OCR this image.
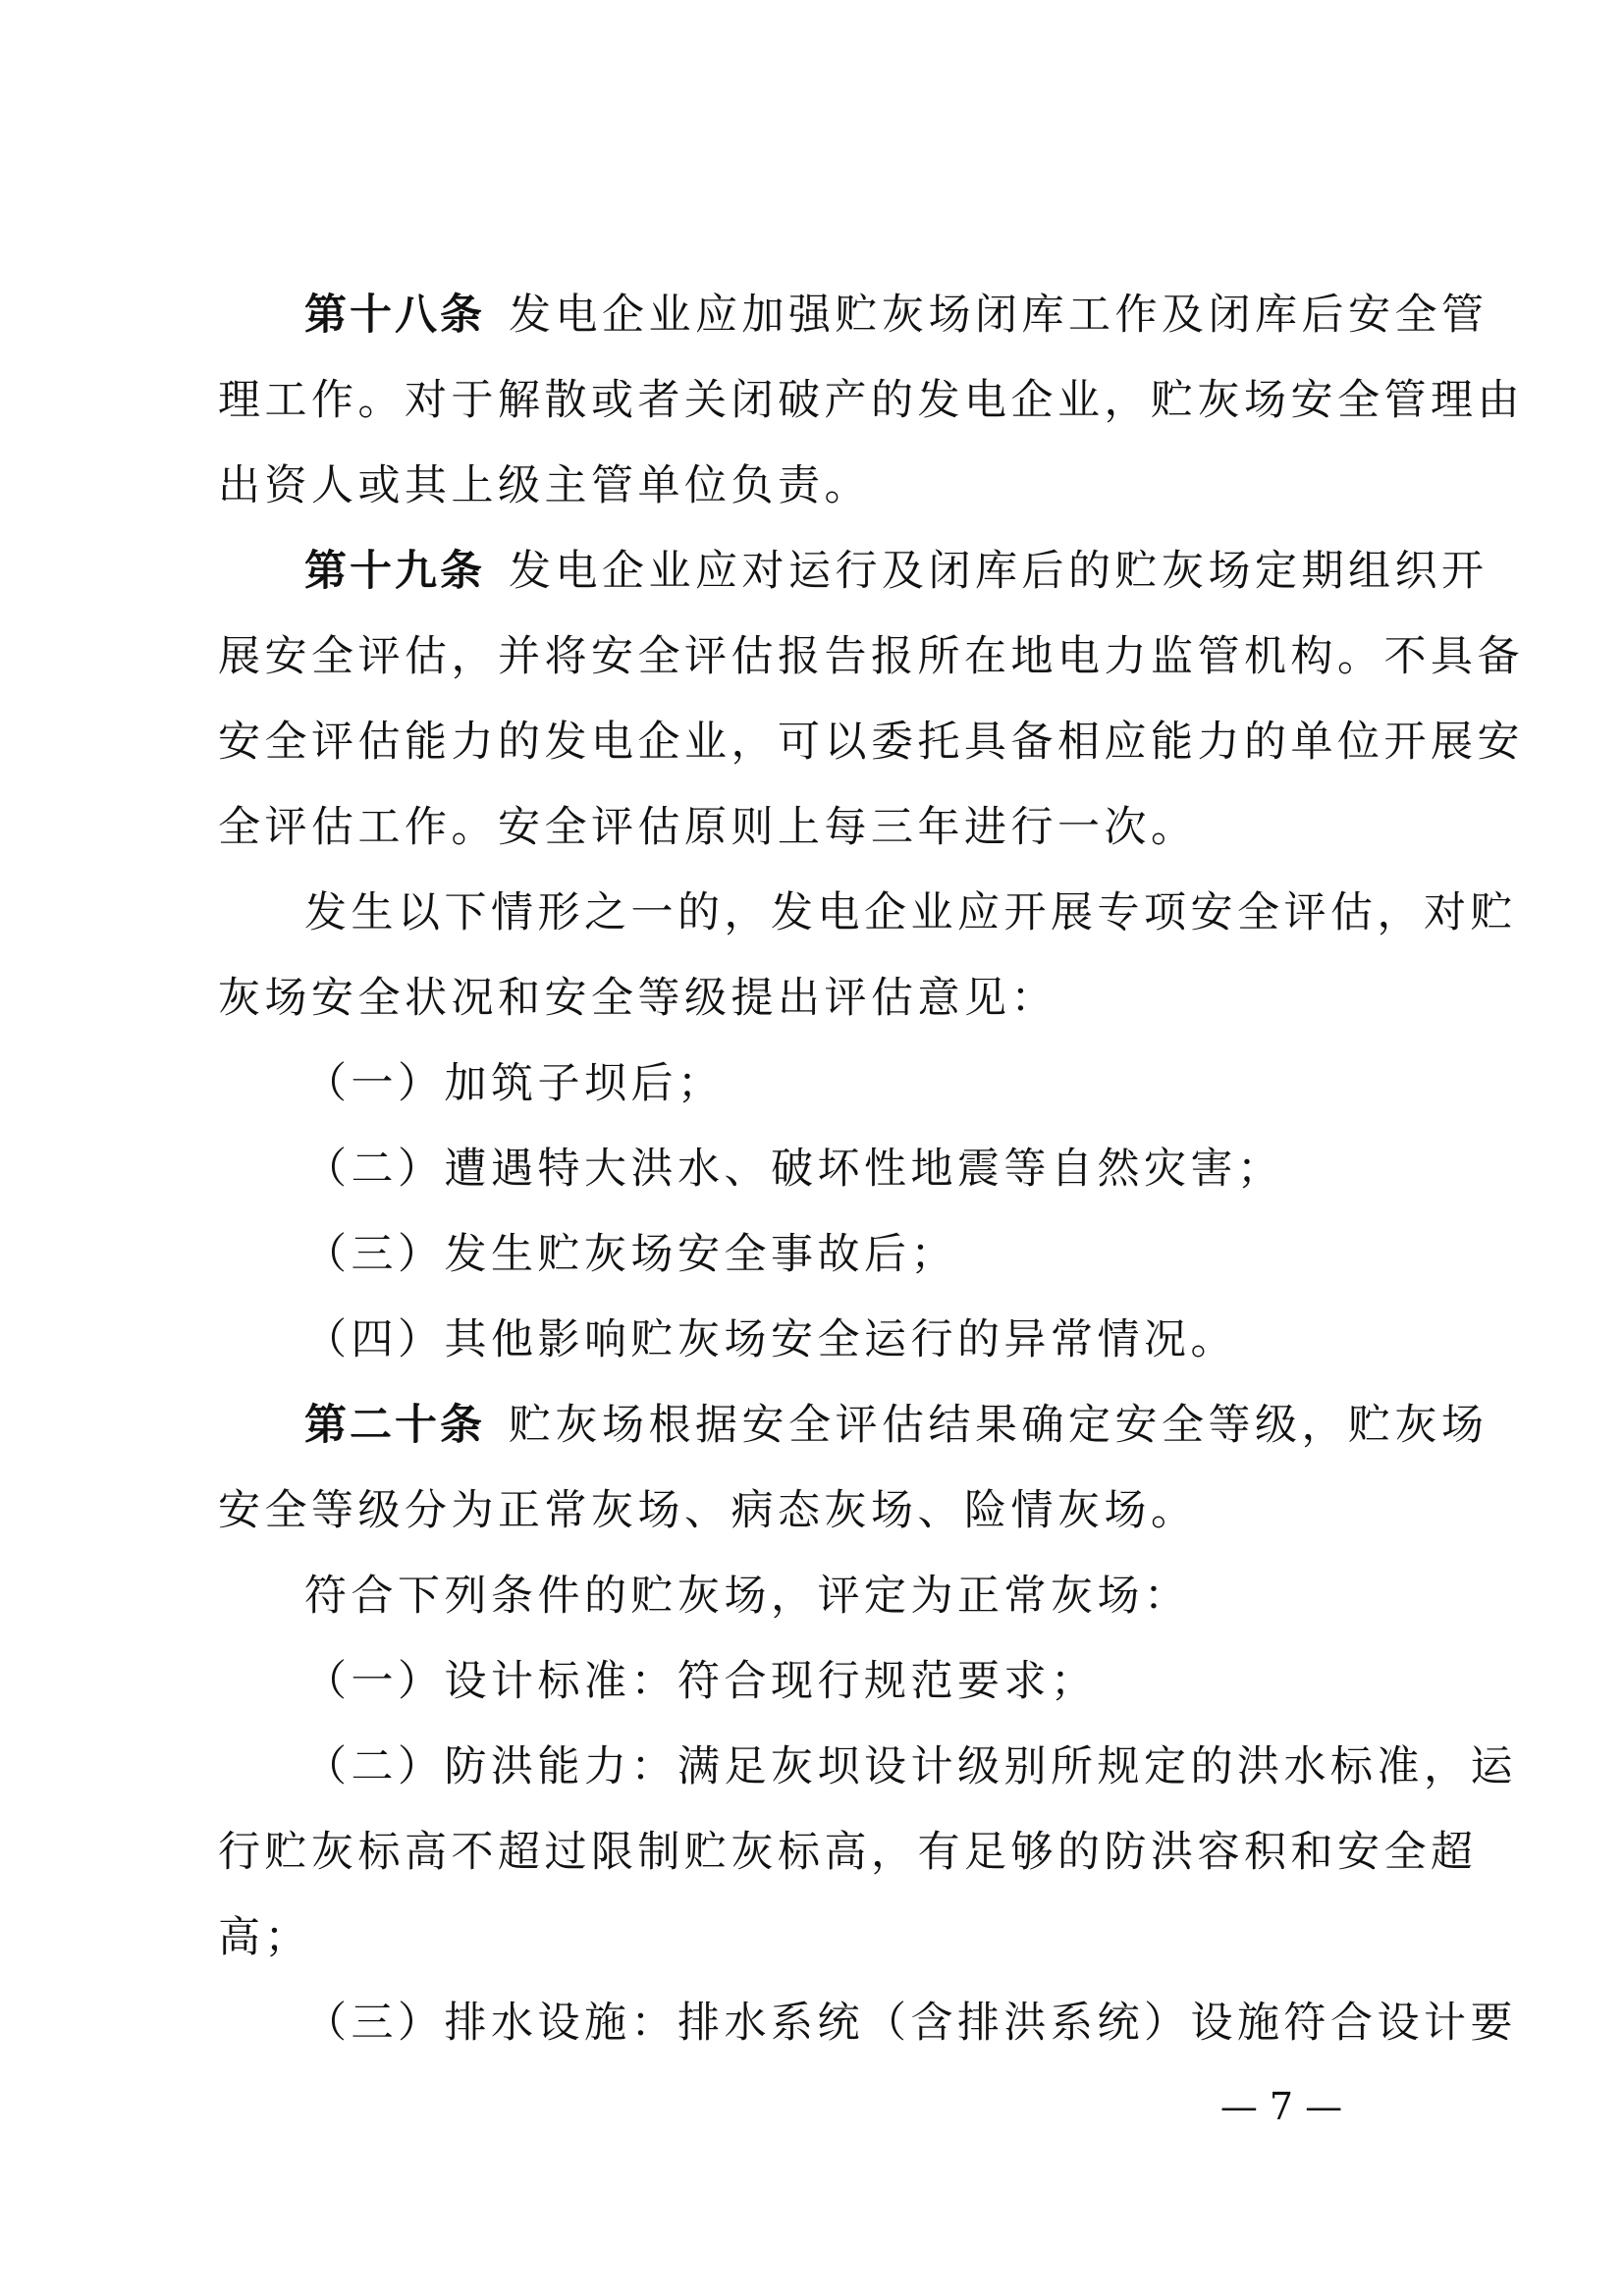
第十八条 发电企业应加强贮灰场闭库工作及闭库后安全管
理工作。对于解散或者关闭破产的发电企业，贮灰场安全管理由
出资人或其上级主管单位负责。
第十九条 发电企业应对运行及闭库后的贮灰场定期组织开
展安全评估，并将安全评估报告报所在地电力监管机构。不具备
安全评估能力的发电企业，可以委托具备相应能力的单位开展安
全评估工作。安全评估原则上每三年进行一次。
发生以下情形之一的，发电企业应开展专项安全评估，对贮
灰场安全状况和安全等级提出评估意见：
（一）加筑子坝后；
（二）遭遇特大洪水、破坏性地震等自然灾害；
（三）发生贮灰场安全事故后；
（四）其他影响贮灰场安全运行的异常情况。
第二十条 贮灰场根据安全评估结果确定安全等级，贮灰场
安全等级分为正常灰场、病态灰场、险情灰场。
符合下列条件的贮灰场，评定为正常灰场：
（一）设计标准：符合现行规范要求；
（二）防洪能力：满足灰坝设计级别所规定的洪水标准，运
行贮灰标高不超过限制贮灰标高，有足够的防洪容积和安全超
高；
（三）排水设施：排水系统（含排洪系统）设施符合设计要
— 7 —
